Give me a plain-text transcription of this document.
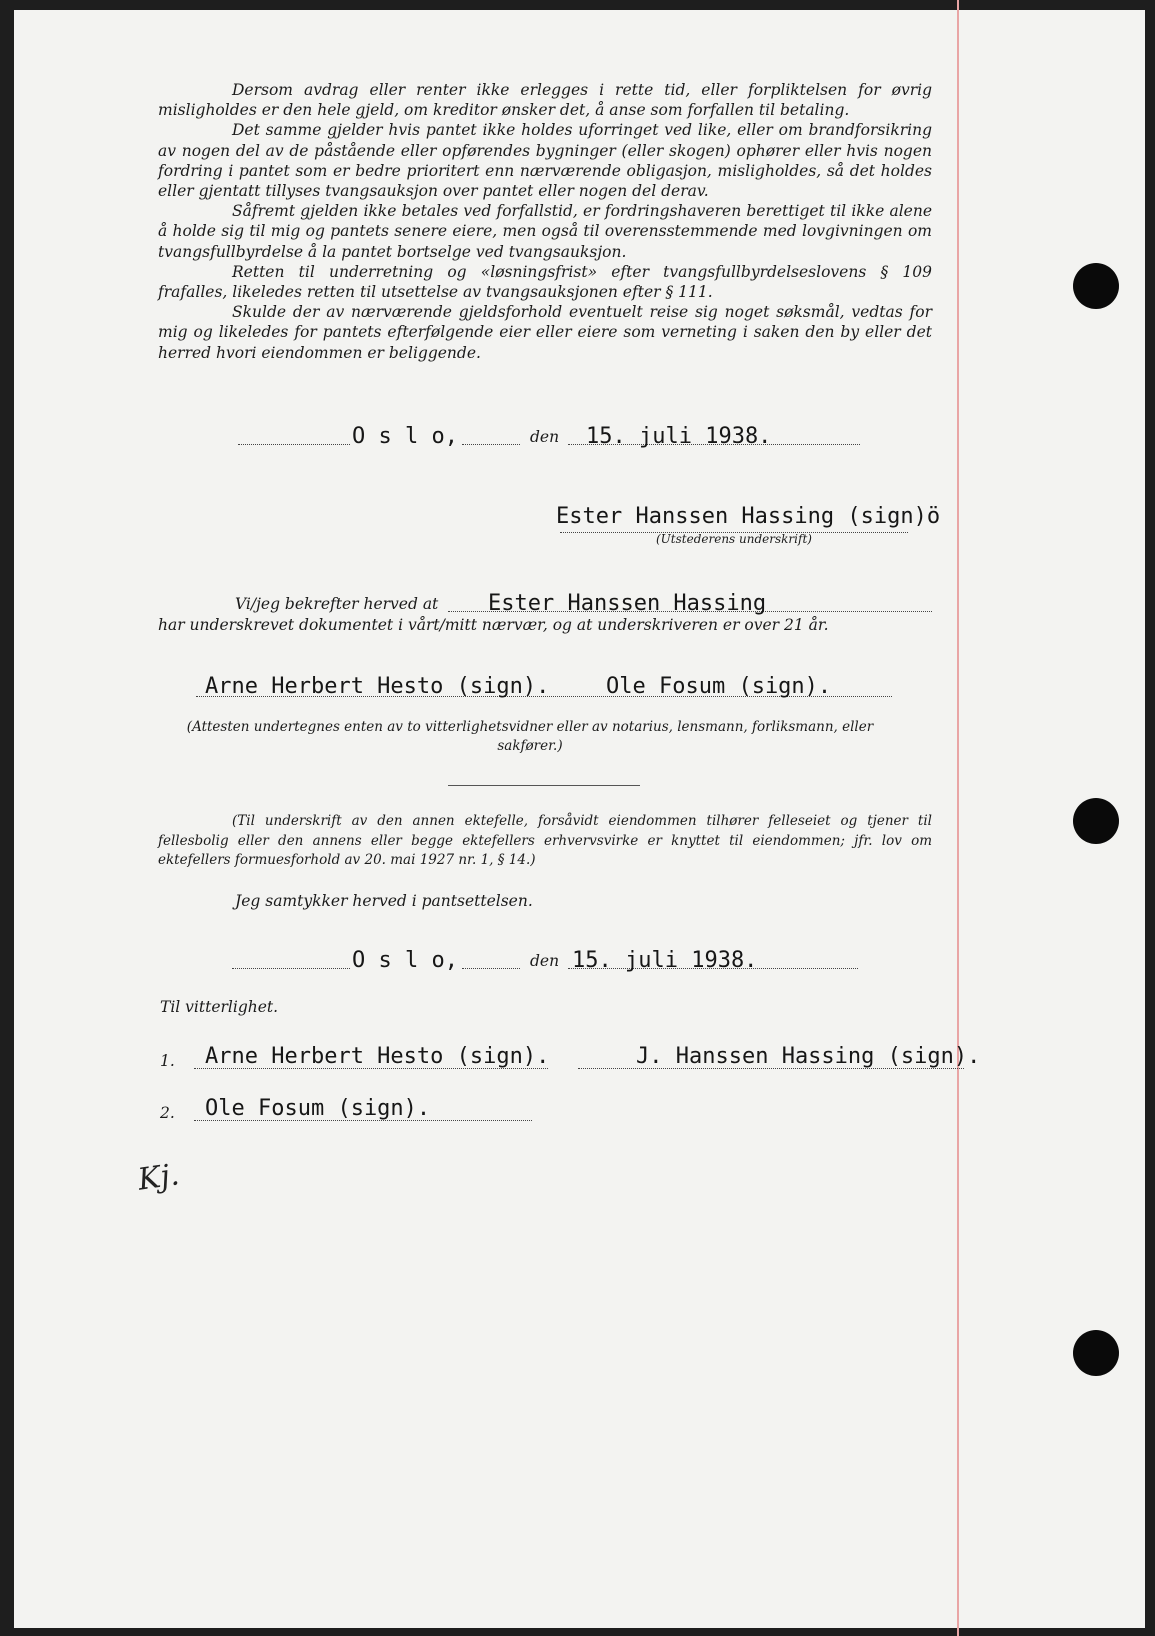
Dersom avdrag eller renter ikke erlegges i rette tid, eller forpliktelsen for øvrig misligholdes er den hele gjeld, om kreditor ønsker det, å anse som forfallen til betaling.

Det samme gjelder hvis pantet ikke holdes uforringet ved like, eller om brandforsikring av nogen del av de påstående eller opførendes bygninger (eller skogen) ophører eller hvis nogen fordring i pantet som er bedre prioritert enn nærværende obligasjon, misligholdes, så det holdes eller gjentatt tillyses tvangsauksjon over pantet eller nogen del derav.

Såfremt gjelden ikke betales ved forfallstid, er fordringshaveren berettiget til ikke alene å holde sig til mig og pantets senere eiere, men også til overensstemmende med lovgivningen om tvangsfullbyrdelse å la pantet bortselge ved tvangsauksjon.

Retten til underretning og «løsningsfrist» efter tvangsfullbyrdelseslovens § 109 frafalles, likeledes retten til utsettelse av tvangsauksjonen efter § 111.

Skulde der av nærværende gjeldsforhold eventuelt reise sig noget søksmål, vedtas for mig og likeledes for pantets efterfølgende eier eller eiere som verneting i saken den by eller det herred hvori eiendommen er beliggende.

O s l o,	den 15. juli 1938.
Ester Hanssen Hassing (sign)ö
(Utstederens underskrift)
Vi/jeg bekrefter herved at Ester Hanssen Hassing
har underskrevet dokumentet i vårt/mitt nærvær, og at underskriveren er over 21 år.
Arne Herbert Hesto (sign).	Ole Fosum (sign).
(Attesten undertegnes enten av to vitterlighetsvidner eller av notarius, lensmann, forliksmann, eller sakfører.)

(Til underskrift av den annen ektefelle, forsåvidt eiendommen tilhører felleseiet og tjener til fellesbolig eller den annens eller begge ektefellers erhvervsvirke er knyttet til eiendommen; jfr. lov om ektefellers formuesforhold av 20. mai 1927 nr. 1, § 14.)

Jeg samtykker herved i pantsettelsen.
O s l o,	den 15. juli 1938.
Til vitterlighet.
1. Arne Herbert Hesto (sign).	J. Hanssen Hassing (sign).
2. Ole Fosum (sign).
Kj.
